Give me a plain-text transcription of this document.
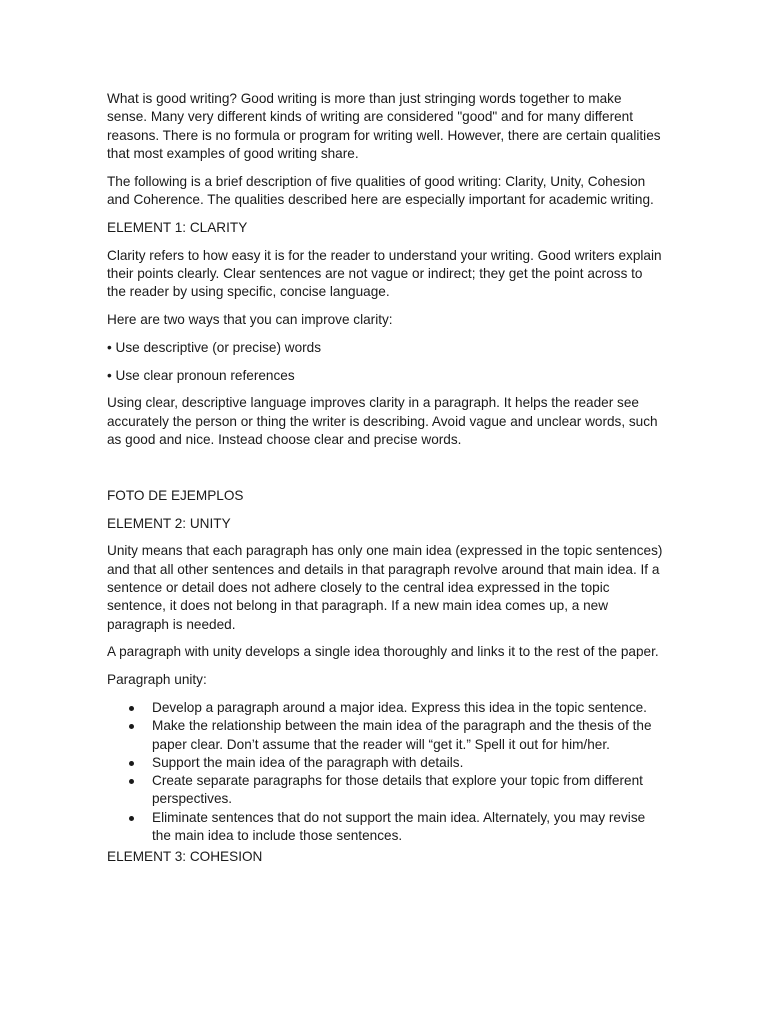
What is good writing? Good writing is more than just stringing words together to make sense. Many very different kinds of writing are considered "good" and for many different reasons. There is no formula or program for writing well. However, there are certain qualities that most examples of good writing share.

The following is a brief description of five qualities of good writing: Clarity, Unity, Cohesion and Coherence. The qualities described here are especially important for academic writing.

ELEMENT 1: CLARITY

Clarity refers to how easy it is for the reader to understand your writing. Good writers explain their points clearly. Clear sentences are not vague or indirect; they get the point across to the reader by using specific, concise language.

Here are two ways that you can improve clarity:

• Use descriptive (or precise) words

• Use clear pronoun references

Using clear, descriptive language improves clarity in a paragraph. It helps the reader see accurately the person or thing the writer is describing. Avoid vague and unclear words, such as good and nice. Instead choose clear and precise words.

FOTO DE EJEMPLOS

ELEMENT 2: UNITY

Unity means that each paragraph has only one main idea (expressed in the topic sentences) and that all other sentences and details in that paragraph revolve around that main idea. If a sentence or detail does not adhere closely to the central idea expressed in the topic sentence, it does not belong in that paragraph. If a new main idea comes up, a new paragraph is needed.

A paragraph with unity develops a single idea thoroughly and links it to the rest of the paper.

Paragraph unity:

Develop a paragraph around a major idea. Express this idea in the topic sentence.
Make the relationship between the main idea of the paragraph and the thesis of the paper clear. Don’t assume that the reader will “get it.” Spell it out for him/her.
Support the main idea of the paragraph with details.
Create separate paragraphs for those details that explore your topic from different perspectives.
Eliminate sentences that do not support the main idea. Alternately, you may revise the main idea to include those sentences.

ELEMENT 3: COHESION
